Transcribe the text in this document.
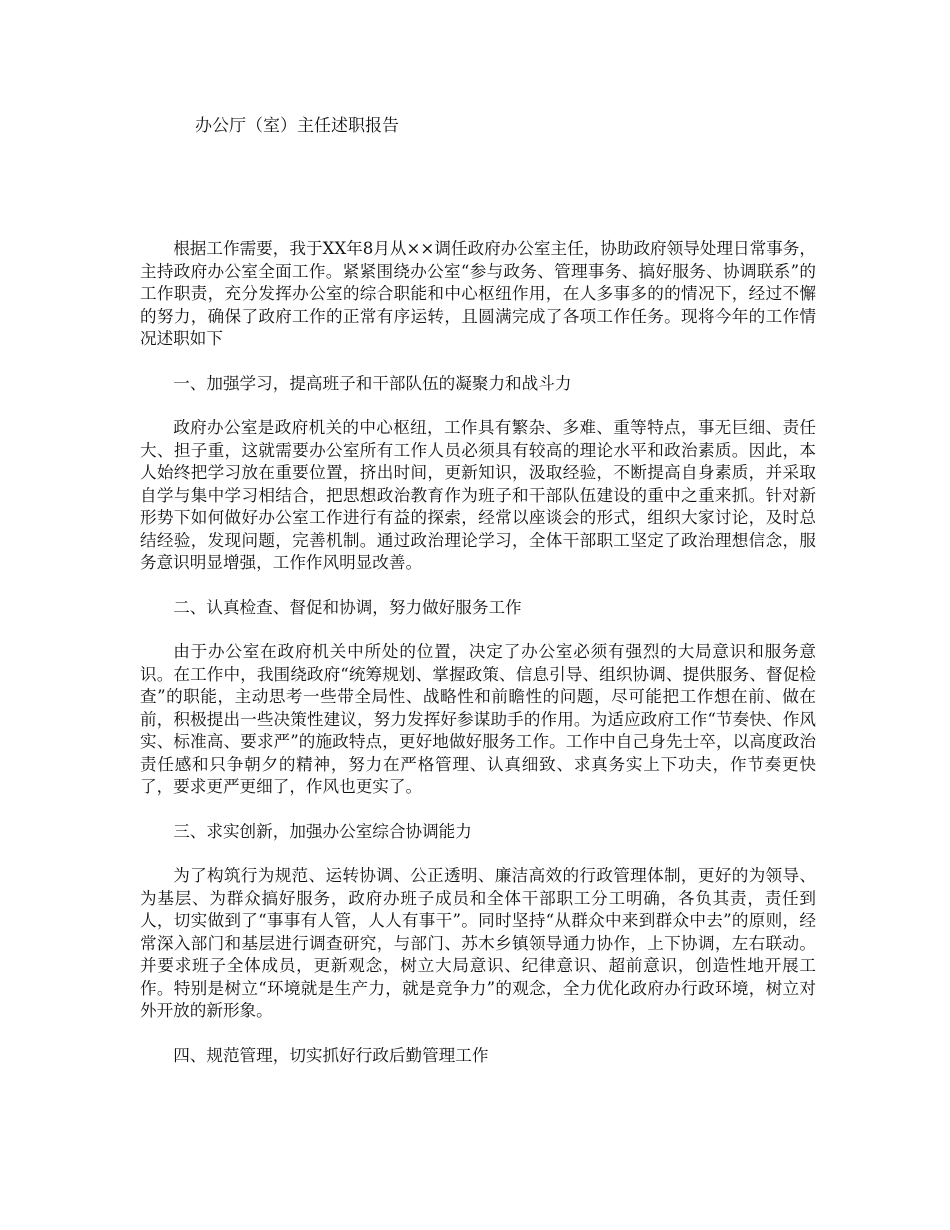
办公厅（室）主任述职报告

根据工作需要，我于XX年8月从××调任政府办公室主任，协助政府领导处理日常事务，主持政府办公室全面工作。紧紧围绕办公室“参与政务、管理事务、搞好服务、协调联系”的工作职责，充分发挥办公室的综合职能和中心枢纽作用，在人多事多的的情况下，经过不懈的努力，确保了政府工作的正常有序运转，且圆满完成了各项工作任务。现将今年的工作情况述职如下

一、加强学习，提高班子和干部队伍的凝聚力和战斗力

政府办公室是政府机关的中心枢纽，工作具有繁杂、多难、重等特点，事无巨细、责任大、担子重，这就需要办公室所有工作人员必须具有较高的理论水平和政治素质。因此，本人始终把学习放在重要位置，挤出时间，更新知识，汲取经验，不断提高自身素质，并采取自学与集中学习相结合，把思想政治教育作为班子和干部队伍建设的重中之重来抓。针对新形势下如何做好办公室工作进行有益的探索，经常以座谈会的形式，组织大家讨论，及时总结经验，发现问题，完善机制。通过政治理论学习，全体干部职工坚定了政治理想信念，服务意识明显增强，工作作风明显改善。

二、认真检查、督促和协调，努力做好服务工作

由于办公室在政府机关中所处的位置，决定了办公室必须有强烈的大局意识和服务意识。在工作中，我围绕政府“统筹规划、掌握政策、信息引导、组织协调、提供服务、督促检查”的职能，主动思考一些带全局性、战略性和前瞻性的问题，尽可能把工作想在前、做在前，积极提出一些决策性建议，努力发挥好参谋助手的作用。为适应政府工作“节奏快、作风实、标准高、要求严”的施政特点，更好地做好服务工作。工作中自己身先士卒，以高度政治责任感和只争朝夕的精神，努力在严格管理、认真细致、求真务实上下功夫，作节奏更快了，要求更严更细了，作风也更实了。

三、求实创新，加强办公室综合协调能力

为了构筑行为规范、运转协调、公正透明、廉洁高效的行政管理体制，更好的为领导、为基层、为群众搞好服务，政府办班子成员和全体干部职工分工明确，各负其责，责任到人，切实做到了“事事有人管，人人有事干”。同时坚持“从群众中来到群众中去”的原则，经常深入部门和基层进行调查研究，与部门、苏木乡镇领导通力协作，上下协调，左右联动。并要求班子全体成员，更新观念，树立大局意识、纪律意识、超前意识，创造性地开展工作。特别是树立“环境就是生产力，就是竞争力”的观念，全力优化政府办行政环境，树立对外开放的新形象。

四、规范管理，切实抓好行政后勤管理工作
